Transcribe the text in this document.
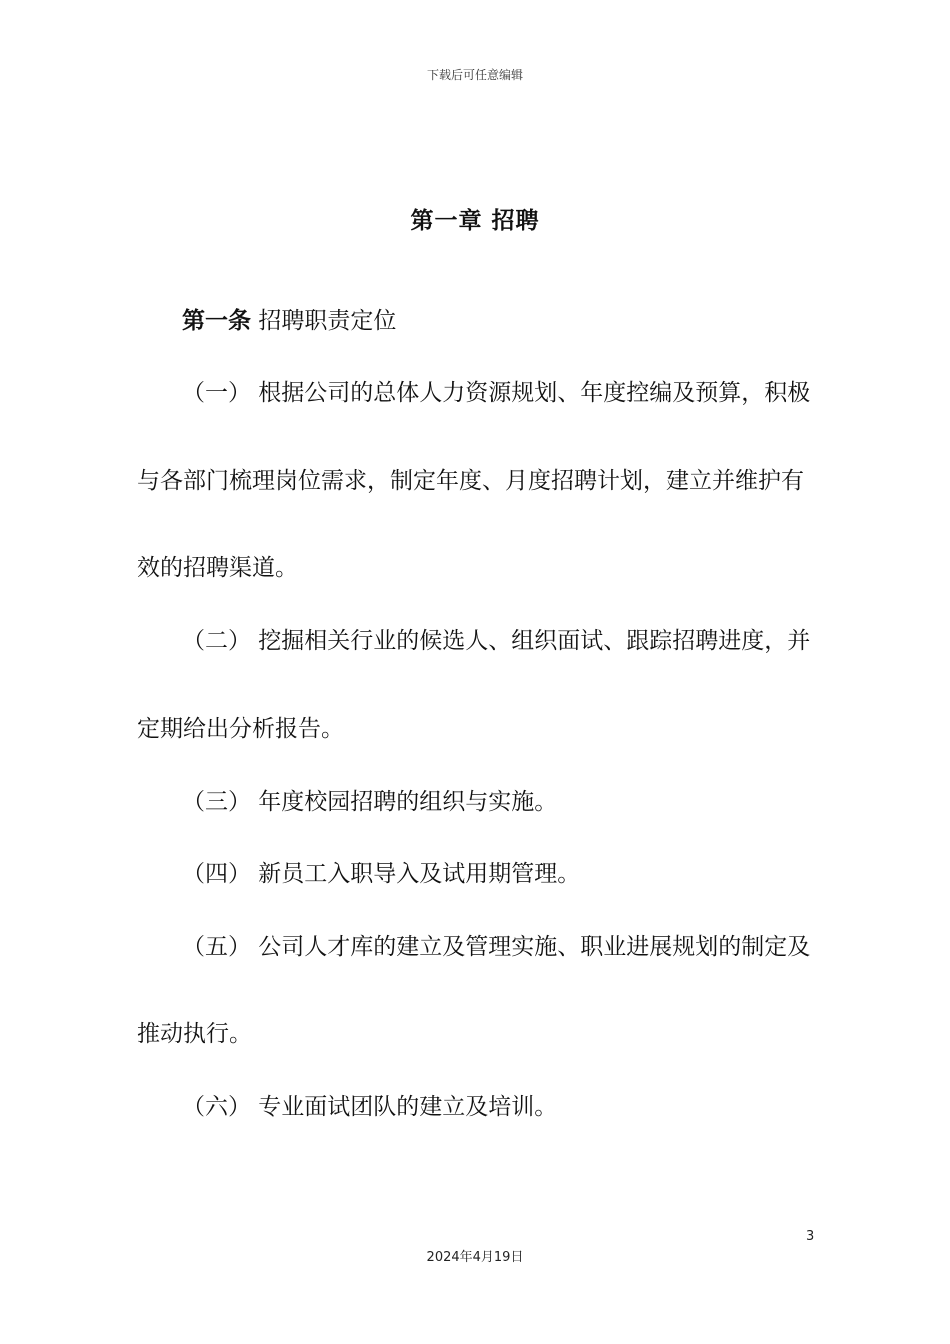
下载后可任意编辑
第一章 招聘
第一条 招聘职责定位
（一） 根据公司的总体人力资源规划、年度控编及预算，积极
与各部门梳理岗位需求，制定年度、月度招聘计划，建立并维护有
效的招聘渠道。
（二） 挖掘相关行业的候选人、组织面试、跟踪招聘进度，并
定期给出分析报告。
（三） 年度校园招聘的组织与实施。
（四） 新员工入职导入及试用期管理。
（五） 公司人才库的建立及管理实施、职业进展规划的制定及
推动执行。
（六） 专业面试团队的建立及培训。
3
2024年4月19日
